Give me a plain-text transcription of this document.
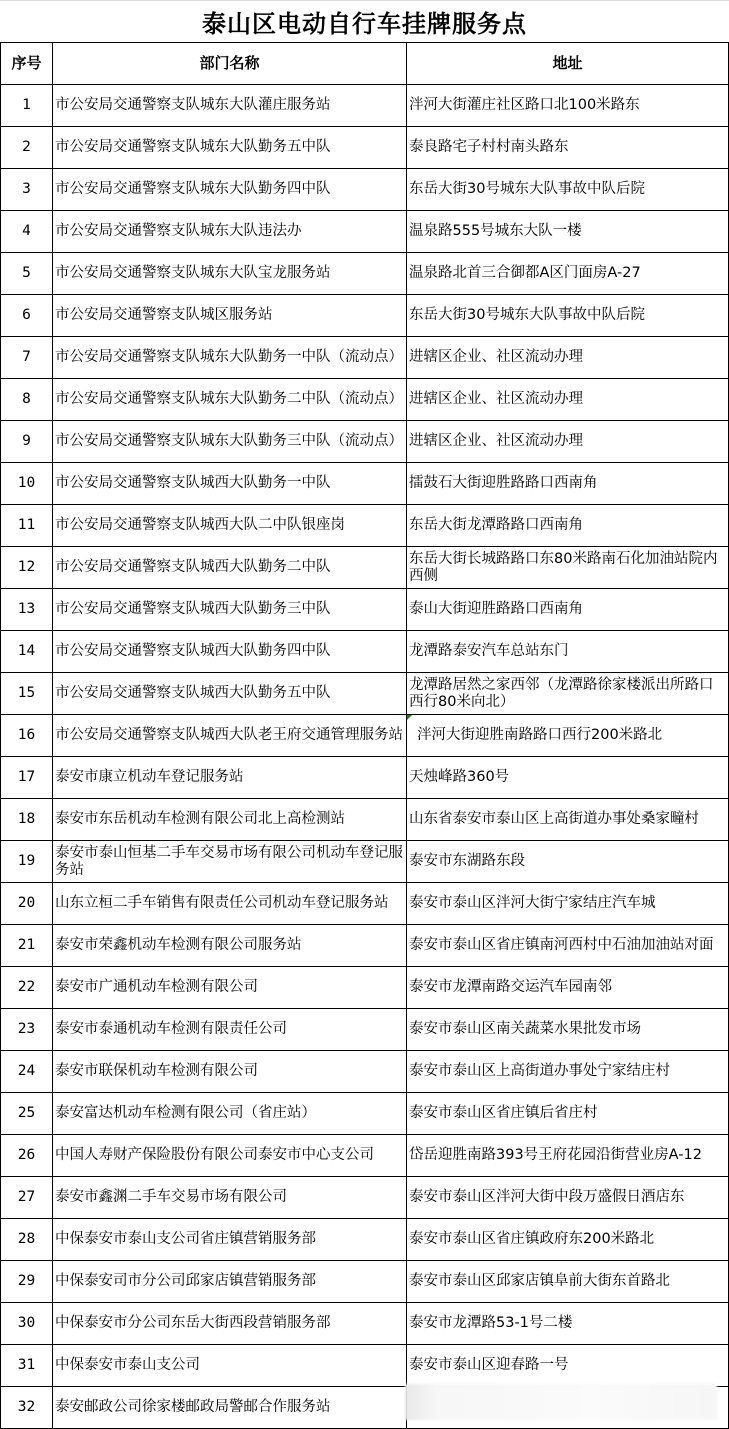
泰山区电动自行车挂牌服务点
序号	部门名称	地址
1	市公安局交通警察支队城东大队灌庄服务站	泮河大街灌庄社区路口北100米路东
2	市公安局交通警察支队城东大队勤务五中队	泰良路宅子村村南头路东
3	市公安局交通警察支队城东大队勤务四中队	东岳大街30号城东大队事故中队后院
4	市公安局交通警察支队城东大队违法办	温泉路555号城东大队一楼
5	市公安局交通警察支队城东大队宝龙服务站	温泉路北首三合御都A区门面房A-27
6	市公安局交通警察支队城区服务站	东岳大街30号城东大队事故中队后院
7	市公安局交通警察支队城东大队勤务一中队（流动点）	进辖区企业、社区流动办理
8	市公安局交通警察支队城东大队勤务二中队（流动点）	进辖区企业、社区流动办理
9	市公安局交通警察支队城东大队勤务三中队（流动点）	进辖区企业、社区流动办理
10	市公安局交通警察支队城西大队勤务一中队	擂鼓石大街迎胜路路口西南角
11	市公安局交通警察支队城西大队二中队银座岗	东岳大街龙潭路路口西南角
12	市公安局交通警察支队城西大队勤务二中队	东岳大街长城路路口东80米路南石化加油站院内西侧
13	市公安局交通警察支队城西大队勤务三中队	泰山大街迎胜路路口西南角
14	市公安局交通警察支队城西大队勤务四中队	龙潭路泰安汽车总站东门
15	市公安局交通警察支队城西大队勤务五中队	龙潭路居然之家西邻（龙潭路徐家楼派出所路口西行80米向北）
16	市公安局交通警察支队城西大队老王府交通管理服务站	泮河大街迎胜南路路口西行200米路北
17	泰安市康立机动车登记服务站	天烛峰路360号
18	泰安市东岳机动车检测有限公司北上高检测站	山东省泰安市泰山区上高街道办事处桑家疃村
19	泰安市泰山恒基二手车交易市场有限公司机动车登记服务站	泰安市东湖路东段
20	山东立桓二手车销售有限责任公司机动车登记服务站	泰安市泰山区泮河大街宁家结庄汽车城
21	泰安市荣鑫机动车检测有限公司服务站	泰安市泰山区省庄镇南河西村中石油加油站对面
22	泰安市广通机动车检测有限公司	泰安市龙潭南路交运汽车园南邻
23	泰安市泰通机动车检测有限责任公司	泰安市泰山区南关蔬菜水果批发市场
24	泰安市联保机动车检测有限公司	泰安市泰山区上高街道办事处宁家结庄村
25	泰安富达机动车检测有限公司（省庄站）	泰安市泰山区省庄镇后省庄村
26	中国人寿财产保险股份有限公司泰安市中心支公司	岱岳迎胜南路393号王府花园沿街营业房A-12
27	泰安市鑫渊二手车交易市场有限公司	泰安市泰山区泮河大街中段万盛假日酒店东
28	中保泰安市泰山支公司省庄镇营销服务部	泰安市泰山区省庄镇政府东200米路北
29	中保泰安司市分公司邱家店镇营销服务部	泰安市泰山区邱家店镇阜前大街东首路北
30	中保泰安市分公司东岳大街西段营销服务部	泰安市龙潭路53-1号二楼
31	中保泰安市泰山支公司	泰安市泰山区迎春路一号
32	泰安邮政公司徐家楼邮政局警邮合作服务站	
